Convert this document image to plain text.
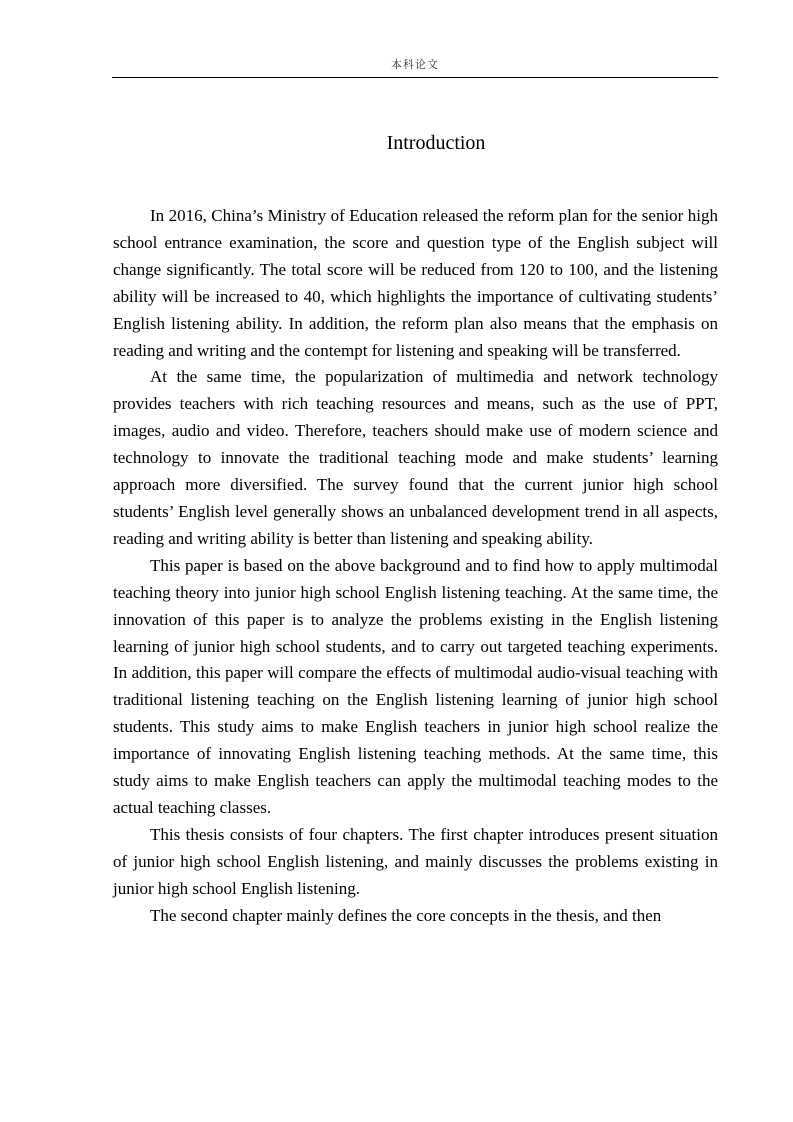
本科论文
Introduction

In 2016, China’s Ministry of Education released the reform plan for the senior high school entrance examination, the score and question type of the English subject will change significantly. The total score will be reduced from 120 to 100, and the listening ability will be increased to 40, which highlights the importance of cultivating students’ English listening ability. In addition, the reform plan also means that the emphasis on reading and writing and the contempt for listening and speaking will be transferred.

At the same time, the popularization of multimedia and network technology provides teachers with rich teaching resources and means, such as the use of PPT, images, audio and video. Therefore, teachers should make use of modern science and technology to innovate the traditional teaching mode and make students’ learning approach more diversified. The survey found that the current junior high school students’ English level generally shows an unbalanced development trend in all aspects, reading and writing ability is better than listening and speaking ability.

This paper is based on the above background and to find how to apply multimodal teaching theory into junior high school English listening teaching. At the same time, the innovation of this paper is to analyze the problems existing in the English listening learning of junior high school students, and to carry out targeted teaching experiments. In addition, this paper will compare the effects of multimodal audio-visual teaching with traditional listening teaching on the English listening learning of junior high school students. This study aims to make English teachers in junior high school realize the importance of innovating English listening teaching methods. At the same time, this study aims to make English teachers can apply the multimodal teaching modes to the actual teaching classes.

This thesis consists of four chapters. The first chapter introduces present situation of junior high school English listening, and mainly discusses the problems existing in junior high school English listening.

The second chapter mainly defines the core concepts in the thesis, and then
